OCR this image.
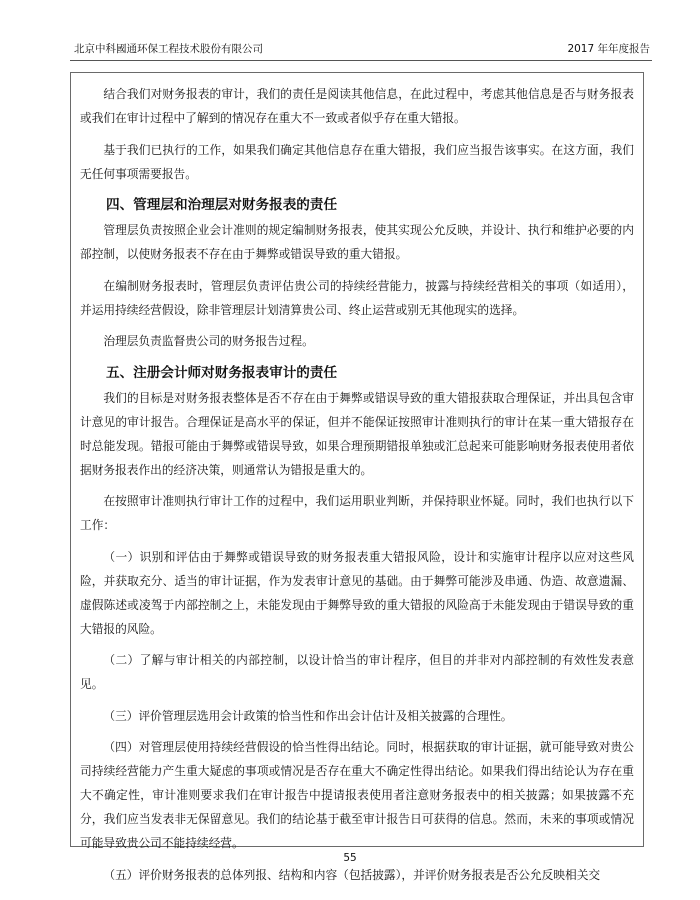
北京中科國通环保工程技术股份有限公司	2017 年年度报告

结合我们对财务报表的审计，我们的责任是阅读其他信息，在此过程中，考虑其他信息是否与财务报表或我们在审计过程中了解到的情况存在重大不一致或者似乎存在重大错报。

基于我们已执行的工作，如果我们确定其他信息存在重大错报，我们应当报告该事实。在这方面，我们无任何事项需要报告。

四、管理层和治理层对财务报表的责任

管理层负责按照企业会计准则的规定编制财务报表，使其实现公允反映，并设计、执行和维护必要的内部控制，以使财务报表不存在由于舞弊或错误导致的重大错报。

在编制财务报表时，管理层负责评估贵公司的持续经营能力，披露与持续经营相关的事项（如适用），并运用持续经营假设，除非管理层计划清算贵公司、终止运营或别无其他现实的选择。

治理层负责监督贵公司的财务报告过程。

五、注册会计师对财务报表审计的责任

我们的目标是对财务报表整体是否不存在由于舞弊或错误导致的重大错报获取合理保证，并出具包含审计意见的审计报告。合理保证是高水平的保证，但并不能保证按照审计准则执行的审计在某一重大错报存在时总能发现。错报可能由于舞弊或错误导致，如果合理预期错报单独或汇总起来可能影响财务报表使用者依据财务报表作出的经济决策，则通常认为错报是重大的。

在按照审计准则执行审计工作的过程中，我们运用职业判断，并保持职业怀疑。同时，我们也执行以下工作：

（一）识别和评估由于舞弊或错误导致的财务报表重大错报风险，设计和实施审计程序以应对这些风险，并获取充分、适当的审计证据，作为发表审计意见的基础。由于舞弊可能涉及串通、伪造、故意遗漏、虚假陈述或凌驾于内部控制之上，未能发现由于舞弊导致的重大错报的风险高于未能发现由于错误导致的重大错报的风险。

（二）了解与审计相关的内部控制，以设计恰当的审计程序，但目的并非对内部控制的有效性发表意见。

（三）评价管理层选用会计政策的恰当性和作出会计估计及相关披露的合理性。

（四）对管理层使用持续经营假设的恰当性得出结论。同时，根据获取的审计证据，就可能导致对贵公司持续经营能力产生重大疑虑的事项或情况是否存在重大不确定性得出结论。如果我们得出结论认为存在重大不确定性，审计准则要求我们在审计报告中提请报表使用者注意财务报表中的相关披露；如果披露不充分，我们应当发表非无保留意见。我们的结论基于截至审计报告日可获得的信息。然而，未来的事项或情况可能导致贵公司不能持续经营。

（五）评价财务报表的总体列报、结构和内容（包括披露），并评价财务报表是否公允反映相关交

55
